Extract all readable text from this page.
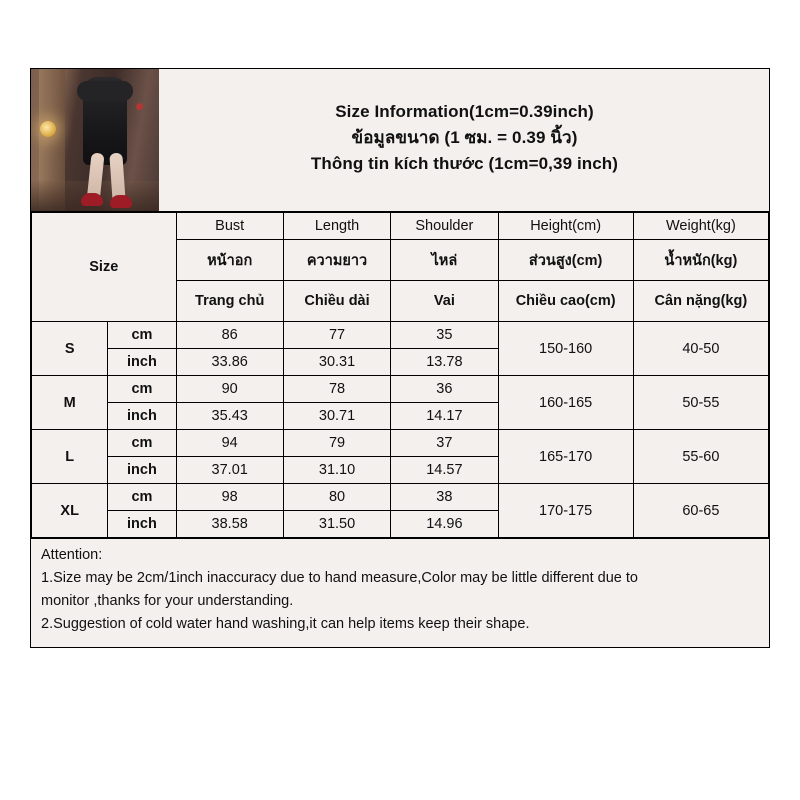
Size Information(1cm=0.39inch)
ข้อมูลขนาด (1 ซม. = 0.39 นิ้ว)
Thông tin kích thước (1cm=0,39 inch)
Size		Bust	Length	Shoulder	Height(cm)	Weight(kg)
		หน้าอก	ความยาว	ไหล่	ส่วนสูง(cm)	น้ำหนัก(kg)
		Trang chủ	Chiều dài	Vai	Chiều cao(cm)	Cân nặng(kg)
S	cm	86	77	35	150-160	40-50
	inch	33.86	30.31	13.78		
M	cm	90	78	36	160-165	50-55
	inch	35.43	30.71	14.17		
L	cm	94	79	37	165-170	55-60
	inch	37.01	31.10	14.57		
XL	cm	98	80	38	170-175	60-65
	inch	38.58	31.50	14.96		

Attention:

1.Size may be 2cm/1inch inaccuracy due to hand measure,Color may be little different due to

monitor ,thanks for your understanding.

2.Suggestion of cold water hand washing,it can help items keep their shape.
